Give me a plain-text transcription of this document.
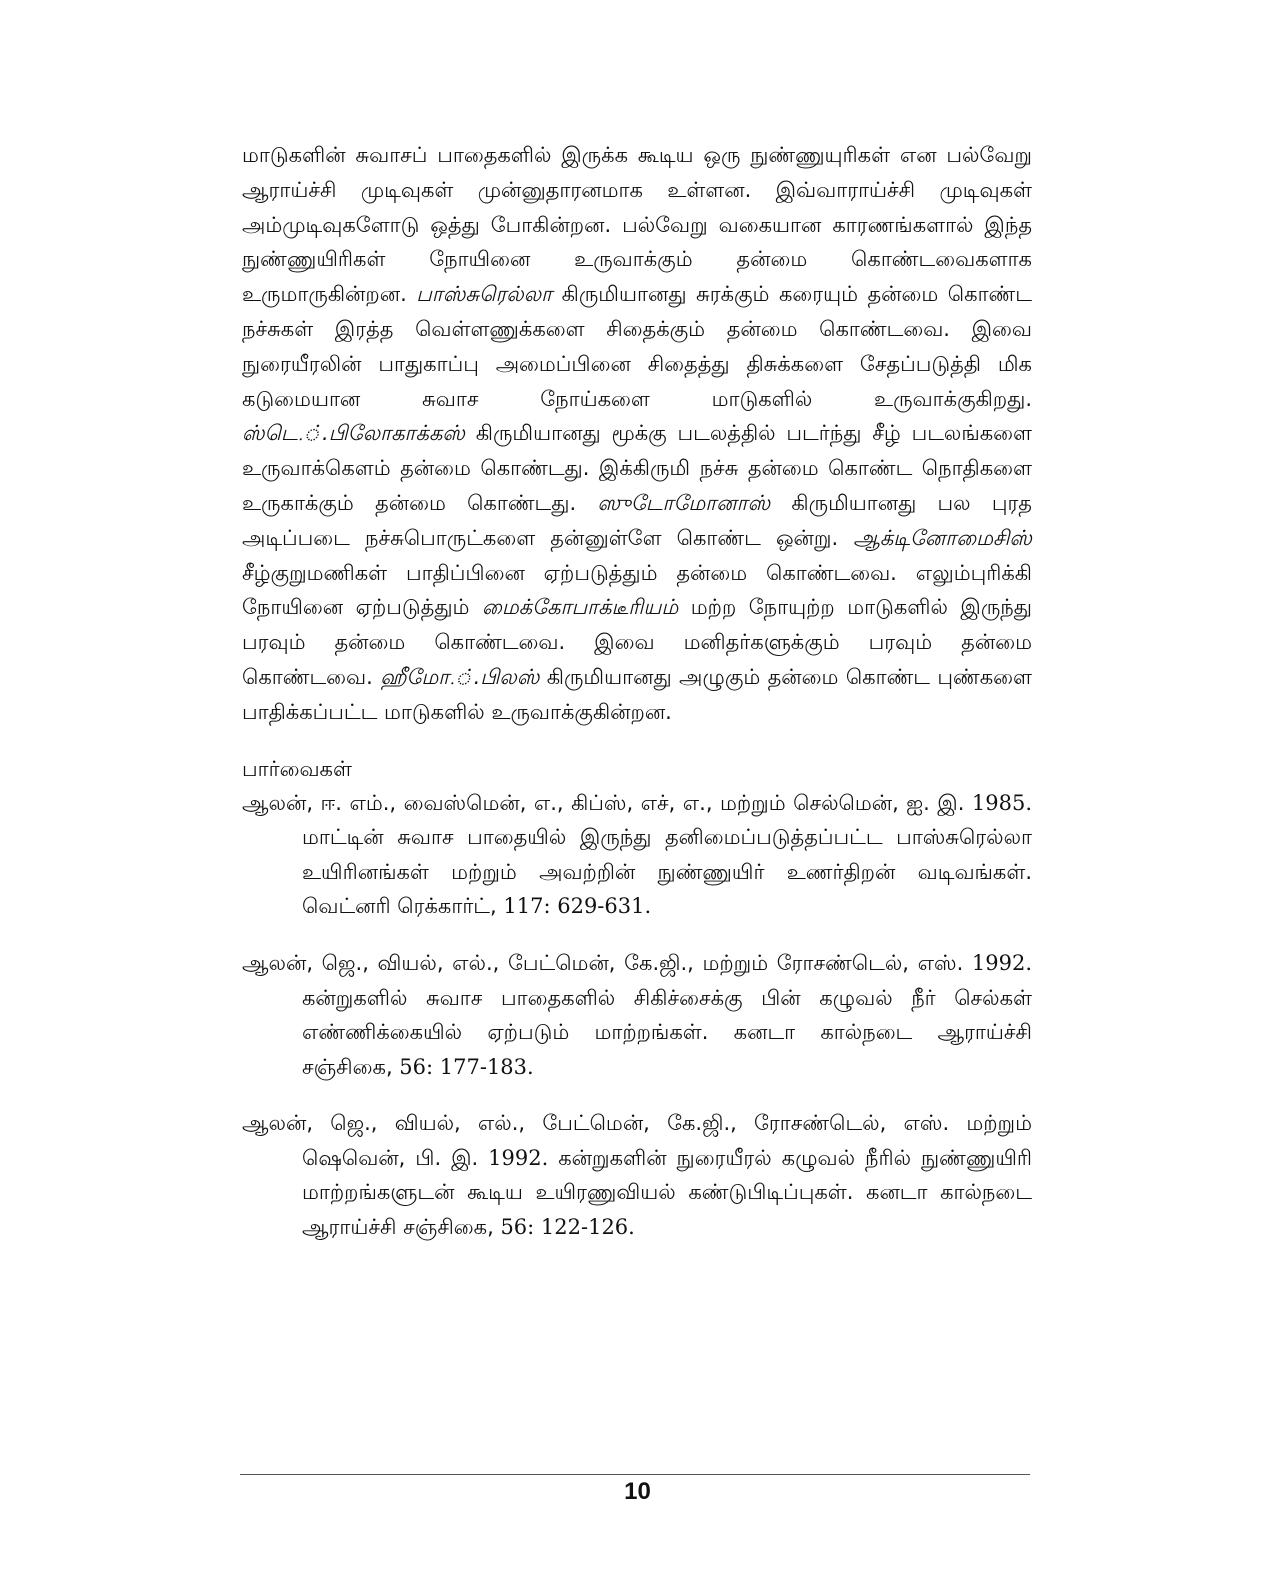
மாடுகளின் சுவாசப் பாதைகளில் இருக்க கூடிய ஒரு நுண்ணுயுரிகள் என பல்வேறு ஆராய்ச்சி முடிவுகள் முன்னுதாரனமாக உள்ளன. இவ்வாராய்ச்சி முடிவுகள் அம்முடிவுகளோடு ஒத்து போகின்றன. பல்வேறு வகையான காரணங்களால் இந்த நுண்ணுயிரிகள் நோயினை உருவாக்கும் தன்மை கொண்டவைகளாக உருமாருகின்றன. பாஸ்சுரெல்லா கிருமியானது சுரக்கும் கரையும் தன்மை கொண்ட நச்சுகள் இரத்த வெள்ளணுக்களை சிதைக்கும் தன்மை கொண்டவை. இவை நுரையீரலின் பாதுகாப்பு அமைப்பினை சிதைத்து திசுக்களை சேதப்படுத்தி மிக கடுமையான சுவாச நோய்களை மாடுகளில் உருவாக்குகிறது. ஸ்டெ.்.பிலோகாக்கஸ் கிருமியானது மூக்கு படலத்தில் படர்ந்து சீழ் படலங்களை உருவாக்கௌம் தன்மை கொண்டது. இக்கிருமி நச்சு தன்மை கொண்ட நொதிகளை உருகாக்கும் தன்மை கொண்டது. ஸுடோமோனாஸ் கிருமியானது பல புரத அடிப்படை நச்சுபொருட்களை தன்னுள்ளே கொண்ட ஒன்று. ஆக்டினோமைசிஸ் சீழ்குறுமணிகள் பாதிப்பினை ஏற்படுத்தும் தன்மை கொண்டவை. எலும்புரிக்கி நோயினை ஏற்படுத்தும் மைக்கோபாக்டீரியம் மற்ற நோயுற்ற மாடுகளில் இருந்து பரவும் தன்மை கொண்டவை. இவை மனிதர்களுக்கும் பரவும் தன்மை கொண்டவை. ஹீமோ.்.பிலஸ் கிருமியானது அழுகும் தன்மை கொண்ட புண்களை பாதிக்கப்பட்ட மாடுகளில் உருவாக்குகின்றன.

பார்வைகள்

ஆலன், ஈ. எம்., வைஸ்மென், எ., கிப்ஸ், எச், எ., மற்றும் செல்மென், ஐ. இ. 1985. மாட்டின் சுவாச பாதையில் இருந்து தனிமைப்படுத்தப்பட்ட பாஸ்சுரெல்லா உயிரினங்கள் மற்றும் அவற்றின் நுண்ணுயிர் உணர்திறன் வடிவங்கள். வெட்னரி ரெக்கார்ட், 117: 629-631.

ஆலன், ஜெ., வியல், எல்., பேட்மென், கே.ஜி., மற்றும் ரோசண்டெல், எஸ். 1992. கன்றுகளில் சுவாச பாதைகளில் சிகிச்சைக்கு பின் கழுவல் நீர் செல்கள் எண்ணிக்கையில் ஏற்படும் மாற்றங்கள். கனடா கால்நடை ஆராய்ச்சி சஞ்சிகை, 56: 177-183.

ஆலன், ஜெ., வியல், எல்., பேட்மென், கே.ஜி., ரோசண்டெல், எஸ். மற்றும் ஷெவென், பி. இ. 1992. கன்றுகளின் நுரையீரல் கழுவல் நீரில் நுண்ணுயிரி மாற்றங்களுடன் கூடிய உயிரணுவியல் கண்டுபிடிப்புகள். கனடா கால்நடை ஆராய்ச்சி சஞ்சிகை, 56: 122-126.

10
